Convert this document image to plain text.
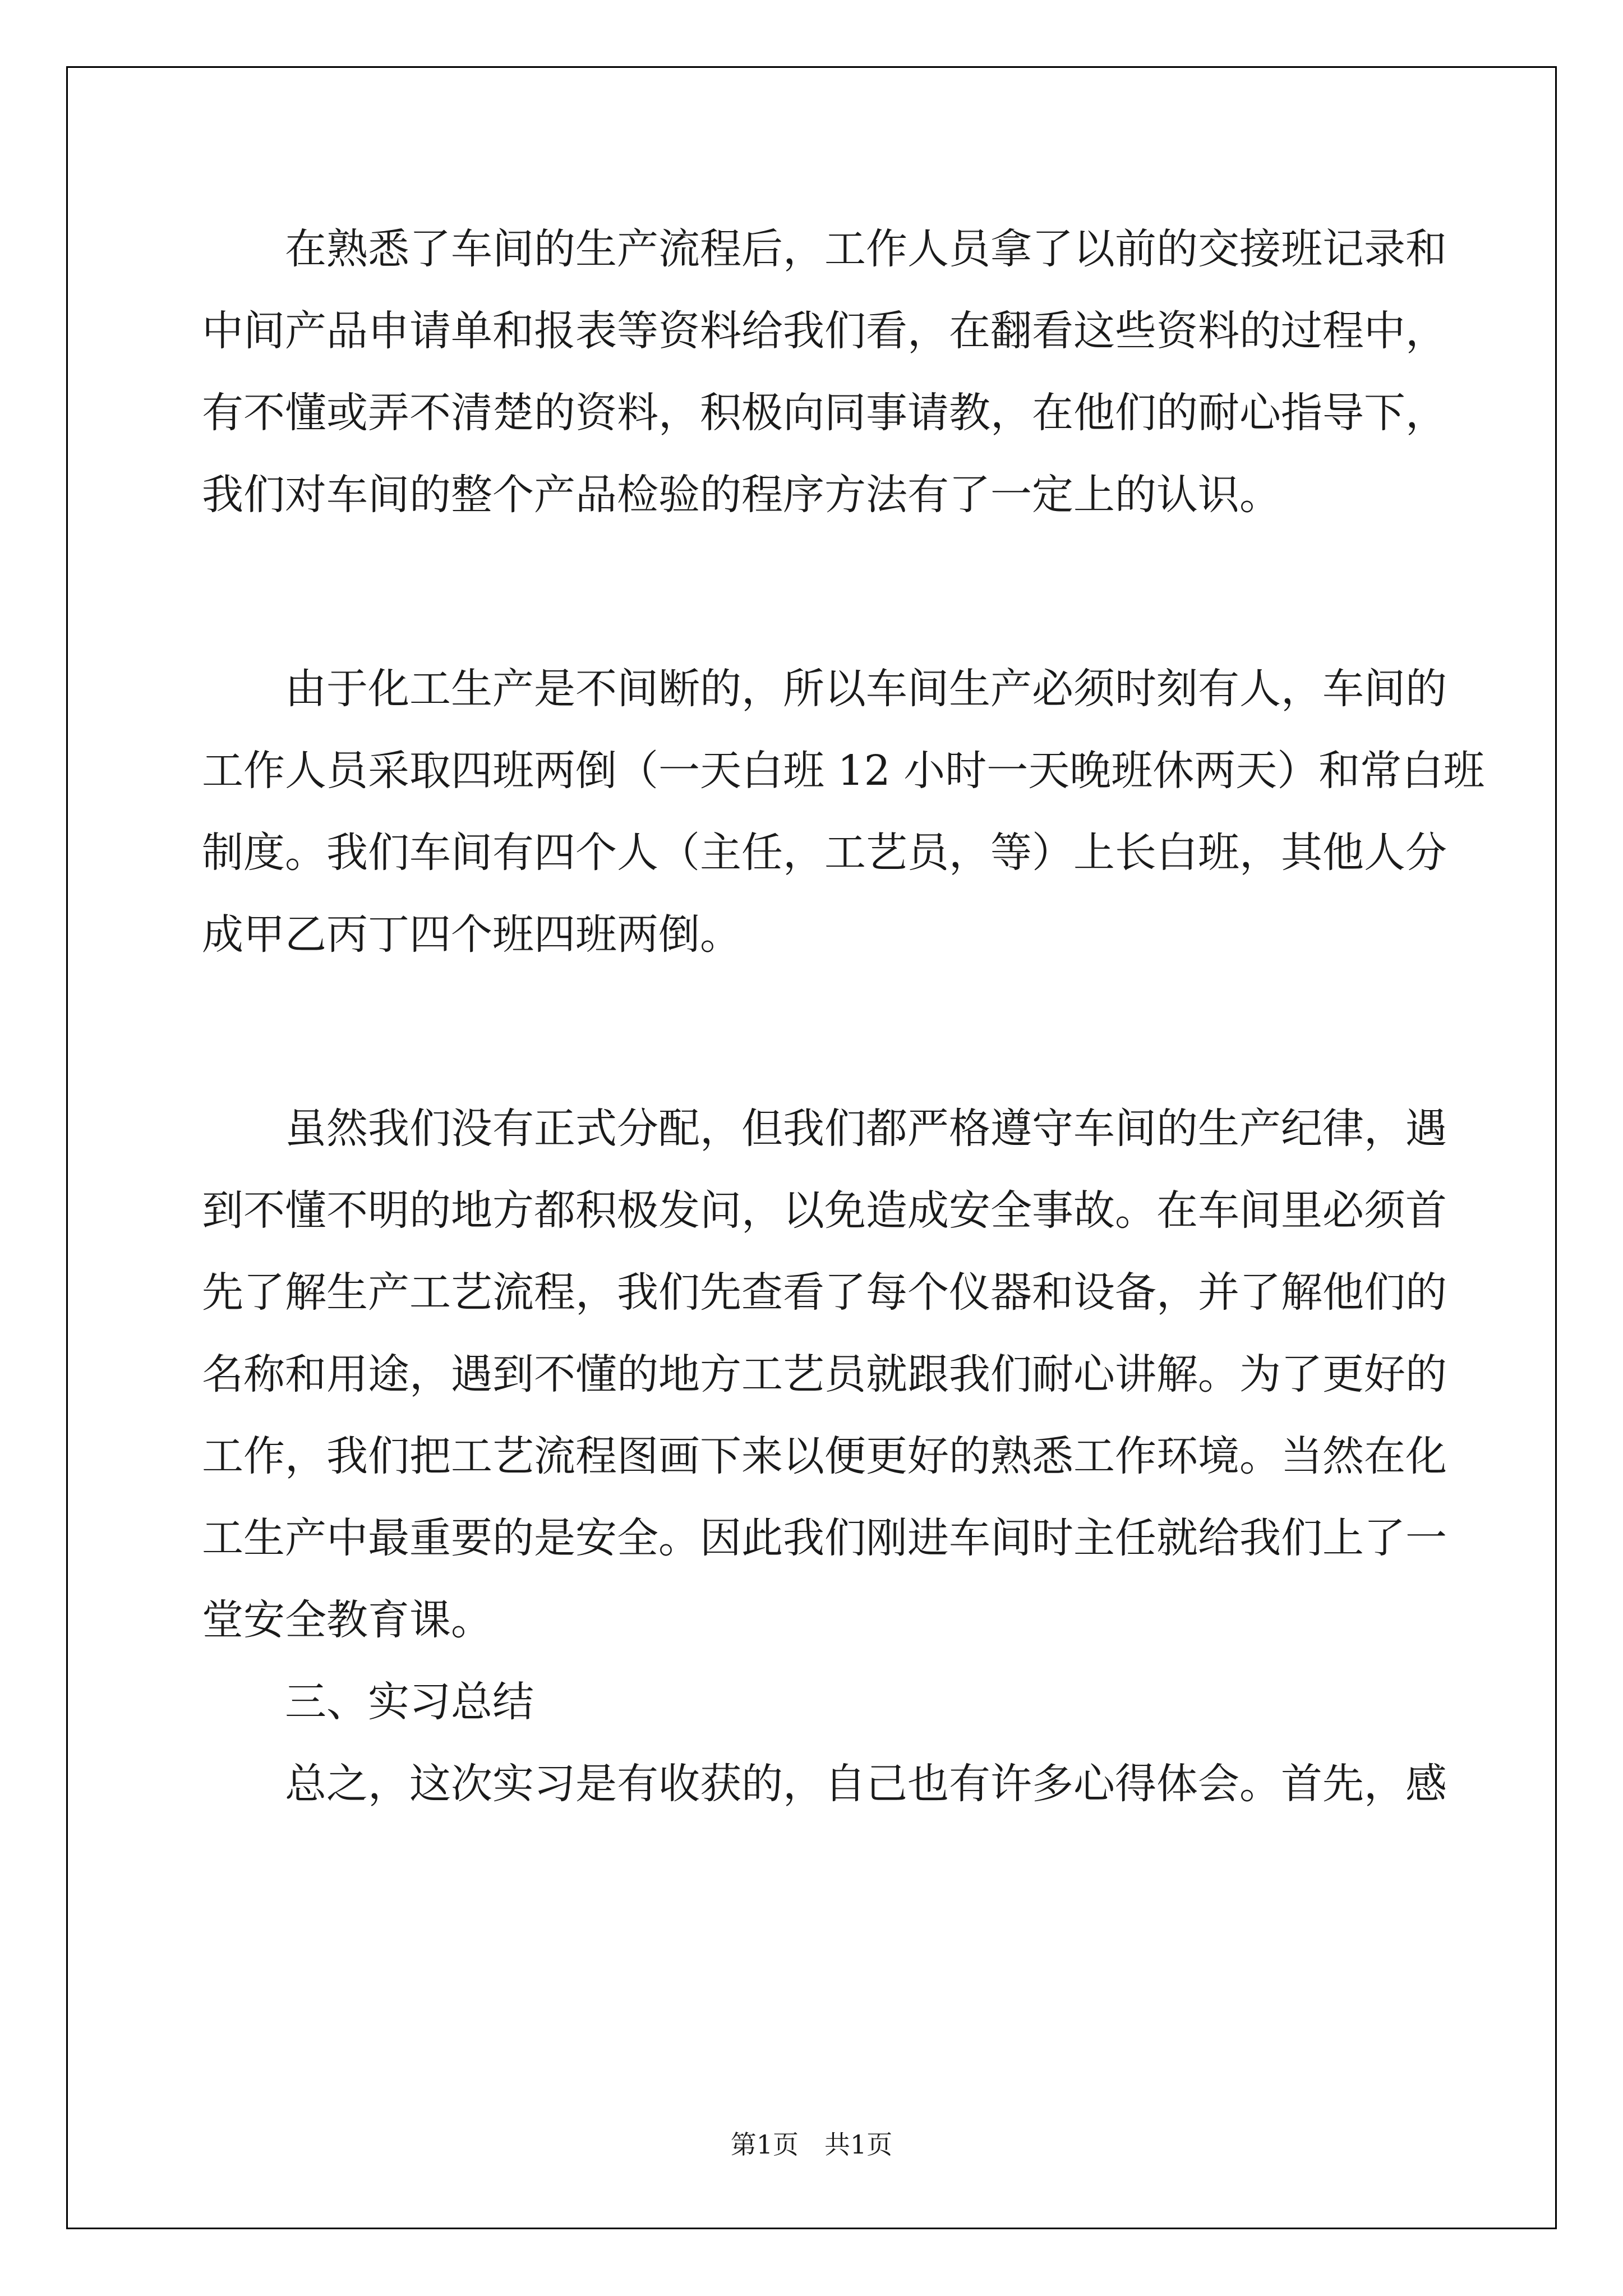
在熟悉了车间的生产流程后，工作人员拿了以前的交接班记录和

中间产品申请单和报表等资料给我们看，在翻看这些资料的过程中，

有不懂或弄不清楚的资料，积极向同事请教，在他们的耐心指导下，

我们对车间的整个产品检验的程序方法有了一定上的认识。

由于化工生产是不间断的，所以车间生产必须时刻有人，车间的

工作人员采取四班两倒（一天白班 12 小时一天晚班休两天）和常白班

制度。我们车间有四个人（主任，工艺员，等）上长白班，其他人分

成甲乙丙丁四个班四班两倒。

虽然我们没有正式分配，但我们都严格遵守车间的生产纪律，遇

到不懂不明的地方都积极发问，以免造成安全事故。在车间里必须首

先了解生产工艺流程，我们先查看了每个仪器和设备，并了解他们的

名称和用途，遇到不懂的地方工艺员就跟我们耐心讲解。为了更好的

工作，我们把工艺流程图画下来以便更好的熟悉工作环境。当然在化

工生产中最重要的是安全。因此我们刚进车间时主任就给我们上了一

堂安全教育课。

三、实习总结

总之，这次实习是有收获的，自己也有许多心得体会。首先，感

第1页　共1页
